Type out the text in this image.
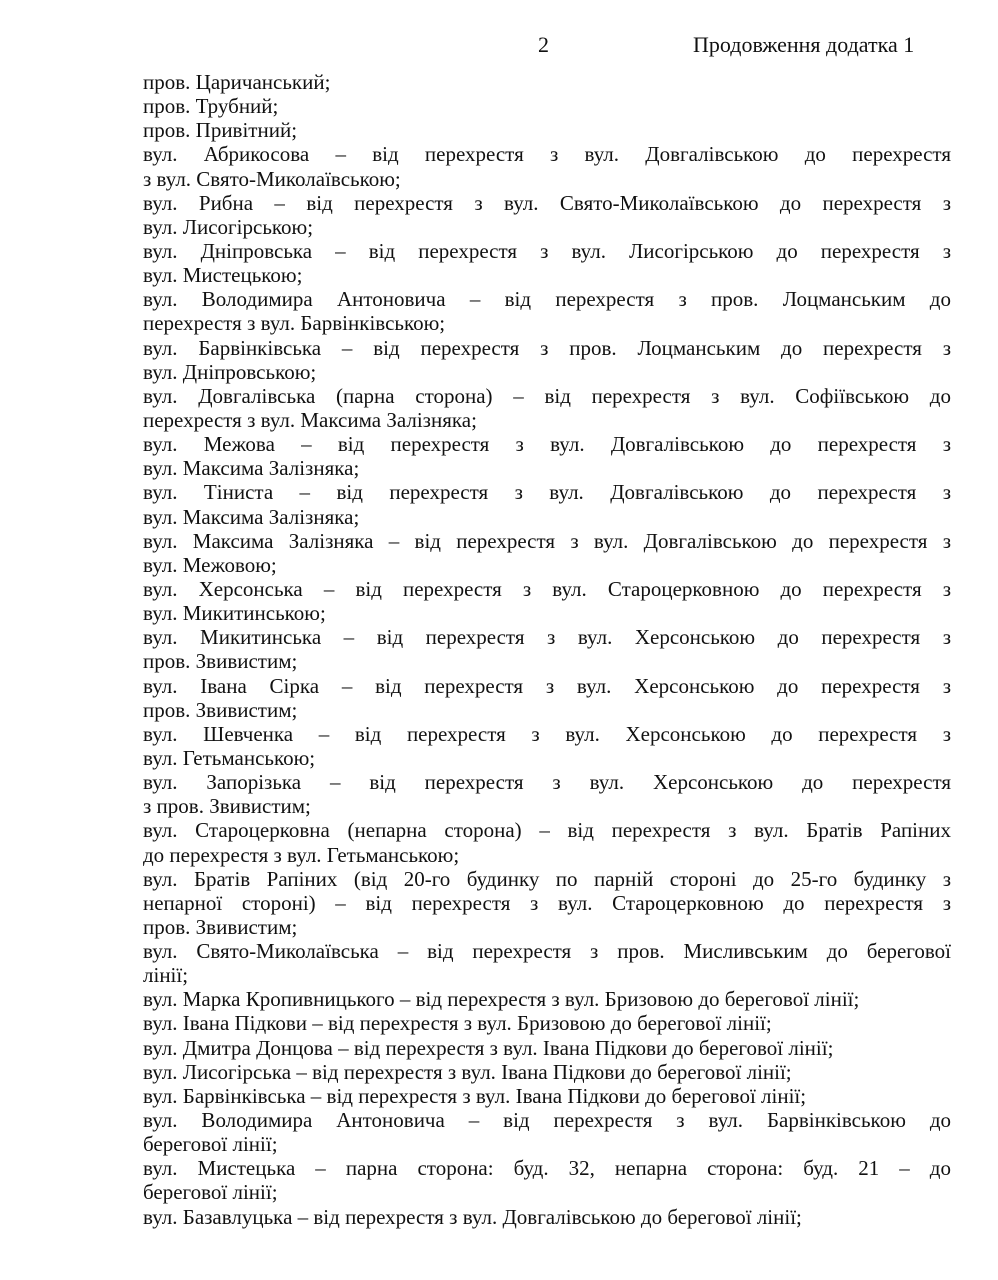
2	Продовження додатка 1
пров. Царичанський;
пров. Трубний;
пров. Привітний;
вул. Абрикосова – від перехрестя з вул. Довгалівською до перехрестя
з вул. Свято-Миколаївською;
вул. Рибна – від перехрестя з вул. Свято-Миколаївською до перехрестя з
вул. Лисогірською;
вул. Дніпровська – від перехрестя з вул. Лисогірською до перехрестя з
вул. Мистецькою;
вул. Володимира Антоновича – від перехрестя з пров. Лоцманським до
перехрестя з вул. Барвінківською;
вул. Барвінківська – від перехрестя з пров. Лоцманським до перехрестя з
вул. Дніпровською;
вул. Довгалівська (парна сторона) – від перехрестя з вул. Софіївською до
перехрестя з вул. Максима Залізняка;
вул. Межова – від перехрестя з вул. Довгалівською до перехрестя з
вул. Максима Залізняка;
вул. Тіниста – від перехрестя з вул. Довгалівською до перехрестя з
вул. Максима Залізняка;
вул. Максима Залізняка – від перехрестя з вул. Довгалівською до перехрестя з
вул. Межовою;
вул. Херсонська – від перехрестя з вул. Староцерковною до перехрестя з
вул. Микитинською;
вул. Микитинська – від перехрестя з вул. Херсонською до перехрестя з
пров. Звивистим;
вул. Івана Сірка – від перехрестя з вул. Херсонською до перехрестя з
пров. Звивистим;
вул. Шевченка – від перехрестя з вул. Херсонською до перехрестя з
вул. Гетьманською;
вул. Запорізька – від перехрестя з вул. Херсонською до перехрестя
з пров. Звивистим;
вул. Староцерковна (непарна сторона) – від перехрестя з вул. Братів Рапіних
до перехрестя з вул. Гетьманською;
вул. Братів Рапіних (від 20-го будинку по парній стороні до 25-го будинку з
непарної стороні) – від перехрестя з вул. Староцерковною до перехрестя з
пров. Звивистим;
вул. Свято-Миколаївська – від перехрестя з пров. Мисливським до берегової
лінії;
вул. Марка Кропивницького – від перехрестя з вул. Бризовою до берегової лінії;
вул. Івана Підкови – від перехрестя з вул. Бризовою до берегової лінії;
вул. Дмитра Донцова – від перехрестя з вул. Івана Підкови до берегової лінії;
вул. Лисогірська – від перехрестя з вул. Івана Підкови до берегової лінії;
вул. Барвінківська – від перехрестя з вул. Івана Підкови до берегової лінії;
вул. Володимира Антоновича – від перехрестя з вул. Барвінківською до
берегової лінії;
вул. Мистецька – парна сторона: буд. 32, непарна сторона: буд. 21 – до
берегової лінії;
вул. Базавлуцька – від перехрестя з вул. Довгалівською до берегової лінії;
